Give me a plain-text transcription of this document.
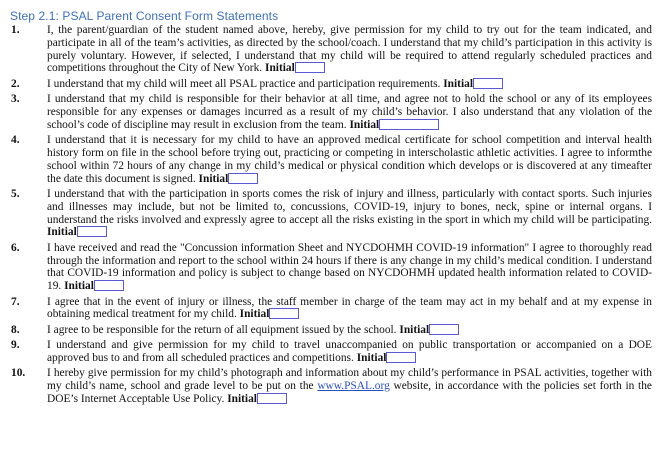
Step 2.1: PSAL Parent Consent Form Statements
1.	I, the parent/guardian of the student named above, hereby, give permission for my child to try out for the team indicated, and participate in all of the team’s activities, as directed by the school/coach. I understand that my child’s participation in this activity is purely voluntary. However, if selected, I understand that my child will be required to attend regularly scheduled practices and competitions throughout the City of New York. Initial
2.	I understand that my child will meet all PSAL practice and participation requirements. Initial
3.	I understand that my child is responsible for their behavior at all time, and agree not to hold the school or any of its employees responsible for any expenses or damages incurred as a result of my child’s behavior. I also understand that any violation of the school’s code of discipline may result in exclusion from the team. Initial
4.	I understand that it is necessary for my child to have an approved medical certificate for school competition and interval health history form on file in the school before trying out, practicing or competing in interscholastic athletic activities. I agree to informthe school within 72 hours of any change in my child’s medical or physical condition which develops or is discovered at any timeafter the date this document is signed. Initial
5.	I understand that with the participation in sports comes the risk of injury and illness, particularly with contact sports. Such injuries and illnesses may include, but not be limited to, concussions, COVID-19, injury to bones, neck, spine or internal organs. I understand the risks involved and expressly agree to accept all the risks existing in the sport in which my child will be participating. Initial
6.	I have received and read the "Concussion information Sheet and NYCDOHMH COVID-19 information" I agree to thoroughly read through the information and report to the school within 24 hours if there is any change in my child’s medical condition. I understand that COVID-19 information and policy is subject to change based on NYCDOHMH updated health information related to COVID-19. Initial
7.	I agree that in the event of injury or illness, the staff member in charge of the team may act in my behalf and at my expense in obtaining medical treatment for my child. Initial
8.	I agree to be responsible for the return of all equipment issued by the school. Initial
9.	I understand and give permission for my child to travel unaccompanied on public transportation or accompanied on a DOE approved bus to and from all scheduled practices and competitions. Initial
10.	I hereby give permission for my child’s photograph and information about my child’s performance in PSAL activities, together with my child’s name, school and grade level to be put on the www.PSAL.org website, in accordance with the policies set forth in the DOE’s Internet Acceptable Use Policy. Initial
